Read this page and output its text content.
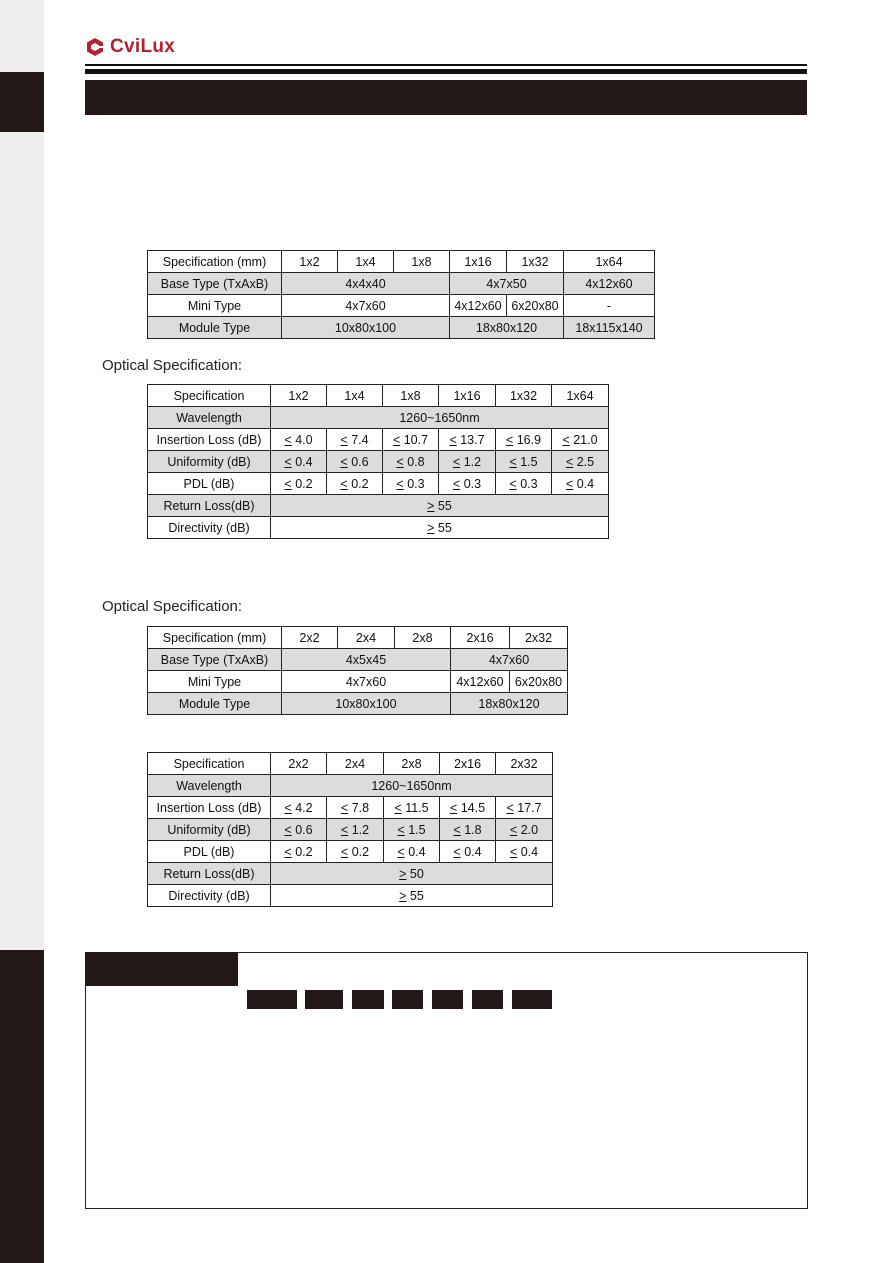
CviLux
Specification (mm)	1x2	1x4	1x8	1x16	1x32	1x64
Base Type (TxAxB)	4x4x40			4x7x50		4x12x60
Mini Type	4x7x60			4x12x60	6x20x80	-
Module Type	10x80x100			18x80x120		18x115x140
Optical Specification:
Specification	1x2	1x4	1x8	1x16	1x32	1x64
Wavelength	1260~1650nm					
Insertion Loss (dB)	< 4.0	< 7.4	< 10.7	< 13.7	< 16.9	< 21.0
Uniformity (dB)	< 0.4	< 0.6	< 0.8	< 1.2	< 1.5	< 2.5
PDL (dB)	< 0.2	< 0.2	< 0.3	< 0.3	< 0.3	< 0.4
Return Loss(dB)	> 55					
Directivity (dB)	> 55					
Optical Specification:
Specification (mm)	2x2	2x4	2x8	2x16	2x32
Base Type (TxAxB)	4x5x45			4x7x60	
Mini Type	4x7x60			4x12x60	6x20x80
Module Type	10x80x100			18x80x120	
Specification	2x2	2x4	2x8	2x16	2x32
Wavelength	1260~1650nm				
Insertion Loss (dB)	< 4.2	< 7.8	< 11.5	< 14.5	< 17.7
Uniformity (dB)	< 0.6	< 1.2	< 1.5	< 1.8	< 2.0
PDL (dB)	< 0.2	< 0.2	< 0.4	< 0.4	< 0.4
Return Loss(dB)	> 50				
Directivity (dB)	> 55				
